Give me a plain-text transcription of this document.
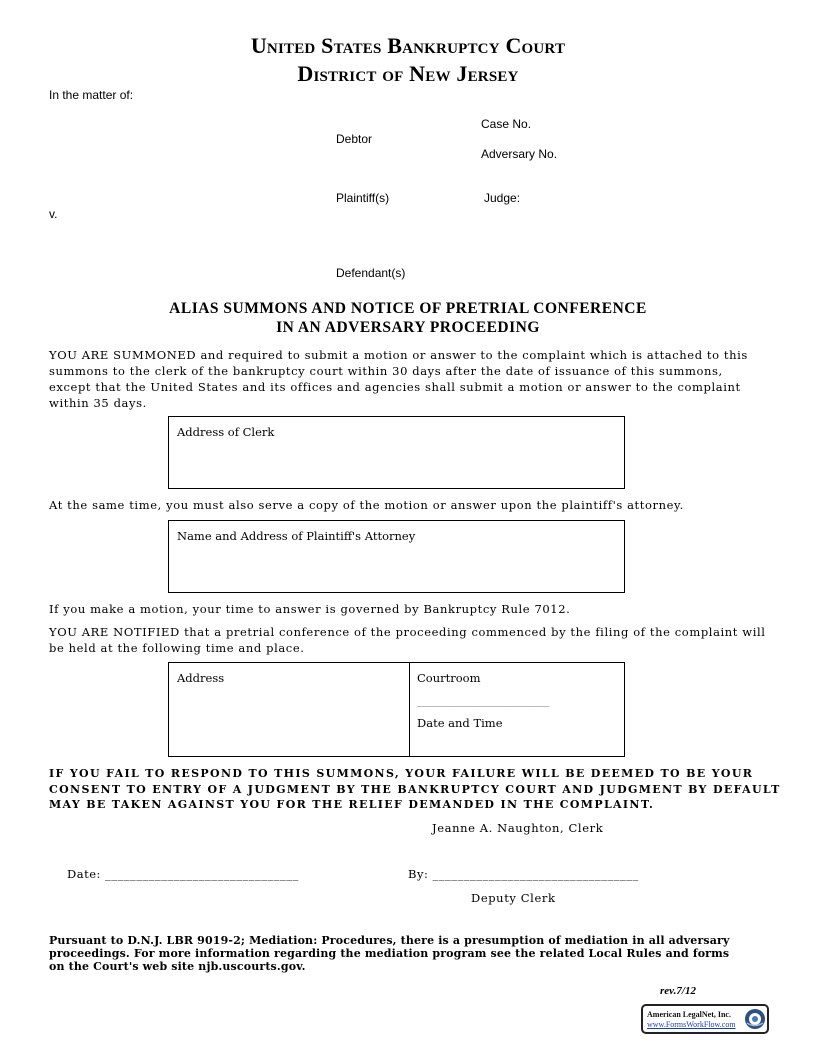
United States Bankruptcy Court
District of New Jersey
In the matter of:
Case No.
Debtor
Adversary No.
Plaintiff(s)	Judge:
v.
Defendant(s)
ALIAS SUMMONS AND NOTICE OF PRETRIAL CONFERENCE
IN AN ADVERSARY PROCEEDING
YOU ARE SUMMONED and required to submit a motion or answer to the complaint which is attached to this
summons to the clerk of the bankruptcy court within 30 days after the date of issuance of this summons,
except that the United States and its offices and agencies shall submit a motion or answer to the complaint
within 35 days.
Address of Clerk
At the same time, you must also serve a copy of the motion or answer upon the plaintiff's attorney.
Name and Address of Plaintiff's Attorney
If you make a motion, your time to answer is governed by Bankruptcy Rule 7012.
YOU ARE NOTIFIED that a pretrial conference of the proceeding commenced by the filing of the complaint will
be held at the following time and place.
Address	Courtroom
_______________________
Date and Time
IF YOU FAIL TO RESPOND TO THIS SUMMONS, YOUR FAILURE WILL BE DEEMED TO BE YOUR
CONSENT TO ENTRY OF A JUDGMENT BY THE BANKRUPTCY COURT AND JUDGMENT BY DEFAULT
MAY BE TAKEN AGAINST YOU FOR THE RELIEF DEMANDED IN THE COMPLAINT.
Jeanne A. Naughton, Clerk
Date: _______________________________	By: _________________________________
Deputy Clerk
Pursuant to D.N.J. LBR 9019-2; Mediation: Procedures, there is a presumption of mediation in all adversary
proceedings. For more information regarding the mediation program see the related Local Rules and forms
on the Court's web site njb.uscourts.gov.
rev.7/12
American LegalNet, Inc.
www.FormsWorkFlow.com
